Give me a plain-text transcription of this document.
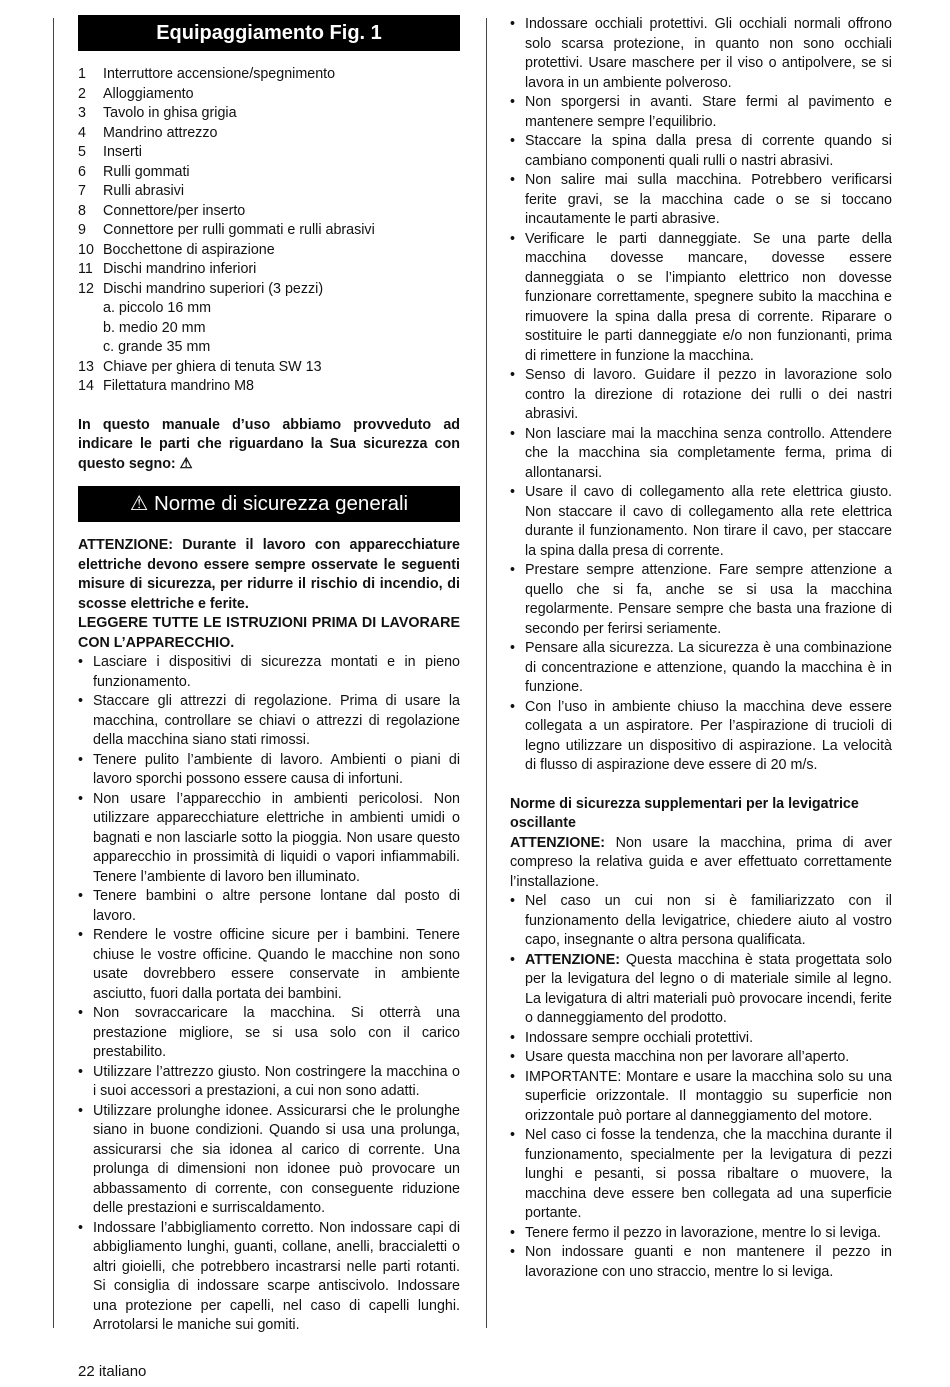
Equipaggiamento Fig. 1
1	Interruttore accensione/spegnimento
2	Alloggiamento
3	Tavolo in ghisa grigia
4	Mandrino attrezzo
5	Inserti
6	Rulli gommati
7	Rulli abrasivi
8	Connettore/per inserto
9	Connettore per rulli gommati e rulli abrasivi
10 Bocchettone di aspirazione
11 Dischi mandrino inferiori
12 Dischi mandrino superiori (3 pezzi)
a. piccolo 16 mm
b. medio 20 mm
c. grande 35 mm
13 Chiave per ghiera di tenuta SW 13
14 Filettatura mandrino M8

In questo manuale d’uso abbiamo provveduto ad indicare le parti che riguardano la Sua sicurezza con questo segno: ⚠

⚠ Norme di sicurezza generali

ATTENZIONE: Durante il lavoro con apparecchiature elettriche devono essere sempre osservate le seguenti misure di sicurezza, per ridurre il rischio di incendio, di scosse elettriche e ferite.

LEGGERE TUTTE LE ISTRUZIONI PRIMA DI LAVORARE CON L’APPARECCHIO.

• Lasciare i dispositivi di sicurezza montati e in pieno funzionamento.
• Staccare gli attrezzi di regolazione. Prima di usare la macchina, controllare se chiavi o attrezzi di regolazione della macchina siano stati rimossi.
• Tenere pulito l’ambiente di lavoro. Ambienti o piani di lavoro sporchi possono essere causa di infortuni.
• Non usare l’apparecchio in ambienti pericolosi. Non utilizzare apparecchiature elettriche in ambienti umidi o bagnati e non lasciarle sotto la pioggia. Non usare questo apparecchio in prossimità di liquidi o vapori infiammabili. Tenere l’ambiente di lavoro ben illuminato.
• Tenere bambini o altre persone lontane dal posto di lavoro.
• Rendere le vostre officine sicure per i bambini. Tenere chiuse le vostre officine. Quando le macchine non sono usate dovrebbero essere conservate in ambiente asciutto, fuori dalla portata dei bambini.
• Non sovraccaricare la macchina. Si otterrà una prestazione migliore, se si usa solo con il carico prestabilito.
• Utilizzare l’attrezzo giusto. Non costringere la macchina o i suoi accessori a prestazioni, a cui non sono adatti.
• Utilizzare prolunghe idonee. Assicurarsi che le prolunghe siano in buone condizioni. Quando si usa una prolunga, assicurarsi che sia idonea al carico di corrente. Una prolunga di dimensioni non idonee può provocare un abbassamento di corrente, con conseguente riduzione delle prestazioni e surriscaldamento.
• Indossare l’abbigliamento corretto. Non indossare capi di abbigliamento lunghi, guanti, collane, anelli, braccialetti o altri gioielli, che potrebbero incastrarsi nelle parti rotanti. Si consiglia di indossare scarpe antiscivolo. Indossare una protezione per capelli, nel caso di capelli lunghi. Arrotolarsi le maniche sui gomiti.
• Indossare occhiali protettivi. Gli occhiali normali offrono solo scarsa protezione, in quanto non sono occhiali protettivi. Usare maschere per il viso o antipolvere, se si lavora in un ambiente polveroso.
• Non sporgersi in avanti. Stare fermi al pavimento e mantenere sempre l’equilibrio.
• Staccare la spina dalla presa di corrente quando si cambiano componenti quali rulli o nastri abrasivi.
• Non salire mai sulla macchina. Potrebbero verificarsi ferite gravi, se la macchina cade o se si toccano incautamente le parti abrasive.
• Verificare le parti danneggiate. Se una parte della macchina dovesse mancare, dovesse essere danneggiata o se l’impianto elettrico non dovesse funzionare correttamente, spegnere subito la macchina e rimuovere la spina dalla presa di corrente. Riparare o sostituire le parti danneggiate e/o non funzionanti, prima di rimettere in funzione la macchina.
• Senso di lavoro. Guidare il pezzo in lavorazione solo contro la direzione di rotazione dei rulli o dei nastri abrasivi.
• Non lasciare mai la macchina senza controllo. Attendere che la macchina sia completamente ferma, prima di allontanarsi.
• Usare il cavo di collegamento alla rete elettrica giusto. Non staccare il cavo di collegamento alla rete elettrica durante il funzionamento. Non tirare il cavo, per staccare la spina dalla presa di corrente.
• Prestare sempre attenzione. Fare sempre attenzione a quello che si fa, anche se si usa la macchina regolarmente. Pensare sempre che basta una frazione di secondo per ferirsi seriamente.
• Pensare alla sicurezza. La sicurezza è una combinazione di concentrazione e attenzione, quando la macchina è in funzione.
• Con l’uso in ambiente chiuso la macchina deve essere collegata a un aspiratore. Per l’aspirazione di trucioli di legno utilizzare un dispositivo di aspirazione. La velocità di flusso di aspirazione deve essere di 20 m/s.

Norme di sicurezza supplementari per la levigatrice oscillante

ATTENZIONE: Non usare la macchina, prima di aver compreso la relativa guida e aver effettuato correttamente l’installazione.

• Nel caso un cui non si è familiarizzato con il funzionamento della levigatrice, chiedere aiuto al vostro capo, insegnante o altra persona qualificata.
• ATTENZIONE: Questa macchina è stata progettata solo per la levigatura del legno o di materiale simile al legno. La levigatura di altri materiali può provocare incendi, ferite o danneggiamento del prodotto.
• Indossare sempre occhiali protettivi.
• Usare questa macchina non per lavorare all’aperto.
• IMPORTANTE: Montare e usare la macchina solo su una superficie orizzontale. Il montaggio su superficie non orizzontale può portare al danneggiamento del motore.
• Nel caso ci fosse la tendenza, che la macchina durante il funzionamento, specialmente per la levigatura di pezzi lunghi e pesanti, si possa ribaltare o muovere, la macchina deve essere ben collegata ad una superficie portante.
• Tenere fermo il pezzo in lavorazione, mentre lo si leviga.
• Non indossare guanti e non mantenere il pezzo in lavorazione con uno straccio, mentre lo si leviga.
22 italiano
